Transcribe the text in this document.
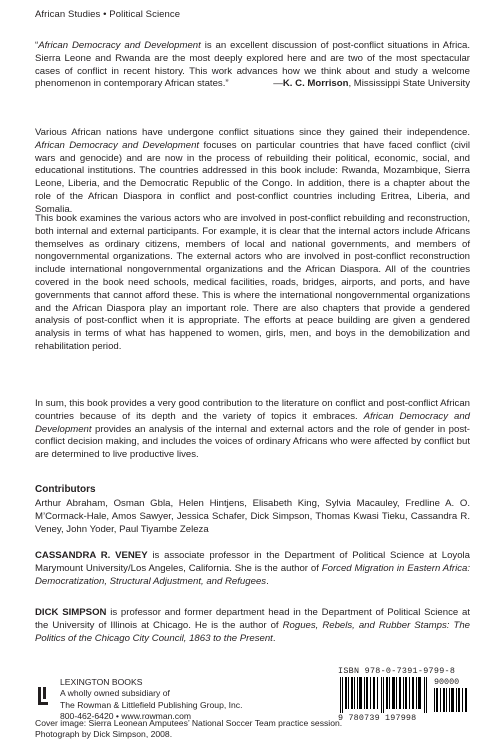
African Studies • Political Science

“African Democracy and Development is an excellent discussion of post-conflict situations in Africa. Sierra Leone and Rwanda are the most deeply explored here and are two of the most spectacular cases of conflict in recent history. This work advances how we think about and study a welcome phenomenon in contemporary African states.”	—K. C. Morrison, Mississippi State University

Various African nations have undergone conflict situations since they gained their independence. African Democracy and Development focuses on particular countries that have faced conflict (civil wars and genocide) and are now in the process of rebuilding their political, economic, social, and educational institutions. The countries addressed in this book include: Rwanda, Mozambique, Sierra Leone, Liberia, and the Democratic Republic of the Congo. In addition, there is a chapter about the role of the African Diaspora in conflict and post-conflict countries including Eritrea, Liberia, and Somalia.

This book examines the various actors who are involved in post-conflict rebuilding and reconstruction, both internal and external participants. For example, it is clear that the internal actors include Africans themselves as ordinary citizens, members of local and national governments, and members of nongovernmental organizations. The external actors who are involved in post-conflict reconstruction include international nongovernmental organizations and the African Diaspora. All of the countries covered in the book need schools, medical facilities, roads, bridges, airports, and ports, and have governments that cannot afford these. This is where the international nongovernmental organizations and the African Diaspora play an important role. There are also chapters that provide a gendered analysis of post-conflict when it is appropriate. The efforts at peace building are given a gendered analysis in terms of what has happened to women, girls, men, and boys in the demobilization and rehabilitation period.

In sum, this book provides a very good contribution to the literature on conflict and post-conflict African countries because of its depth and the variety of topics it embraces. African Democracy and Development provides an analysis of the internal and external actors and the role of gender in post-conflict decision making, and includes the voices of ordinary Africans who were affected by conflict but are determined to live productive lives.

Contributors

Arthur Abraham, Osman Gbla, Helen Hintjens, Elisabeth King, Sylvia Macauley, Fredline A. O. M’Cormack-Hale, Amos Sawyer, Jessica Schafer, Dick Simpson, Thomas Kwasi Tieku, Cassandra R. Veney, John Yoder, Paul Tiyambe Zeleza

CASSANDRA R. VENEY is associate professor in the Department of Political Science at Loyola Marymount University/Los Angeles, California. She is the author of Forced Migration in Eastern Africa: Democratization, Structural Adjustment, and Refugees.

DICK SIMPSON is professor and former department head in the Department of Political Science at the University of Illinois at Chicago. He is the author of Rogues, Rebels, and Rubber Stamps: The Politics of the Chicago City Council, 1863 to the Present.

LEXINGTON BOOKS
A wholly owned subsidiary of
The Rowman & Littlefield Publishing Group, Inc.
800-462-6420 • www.rowman.com
ISBN 978-0-7391-9799-8
90000
9 780739 197998
Cover image: Sierra Leonean Amputees’ National Soccer Team practice session.
Photograph by Dick Simpson, 2008.
